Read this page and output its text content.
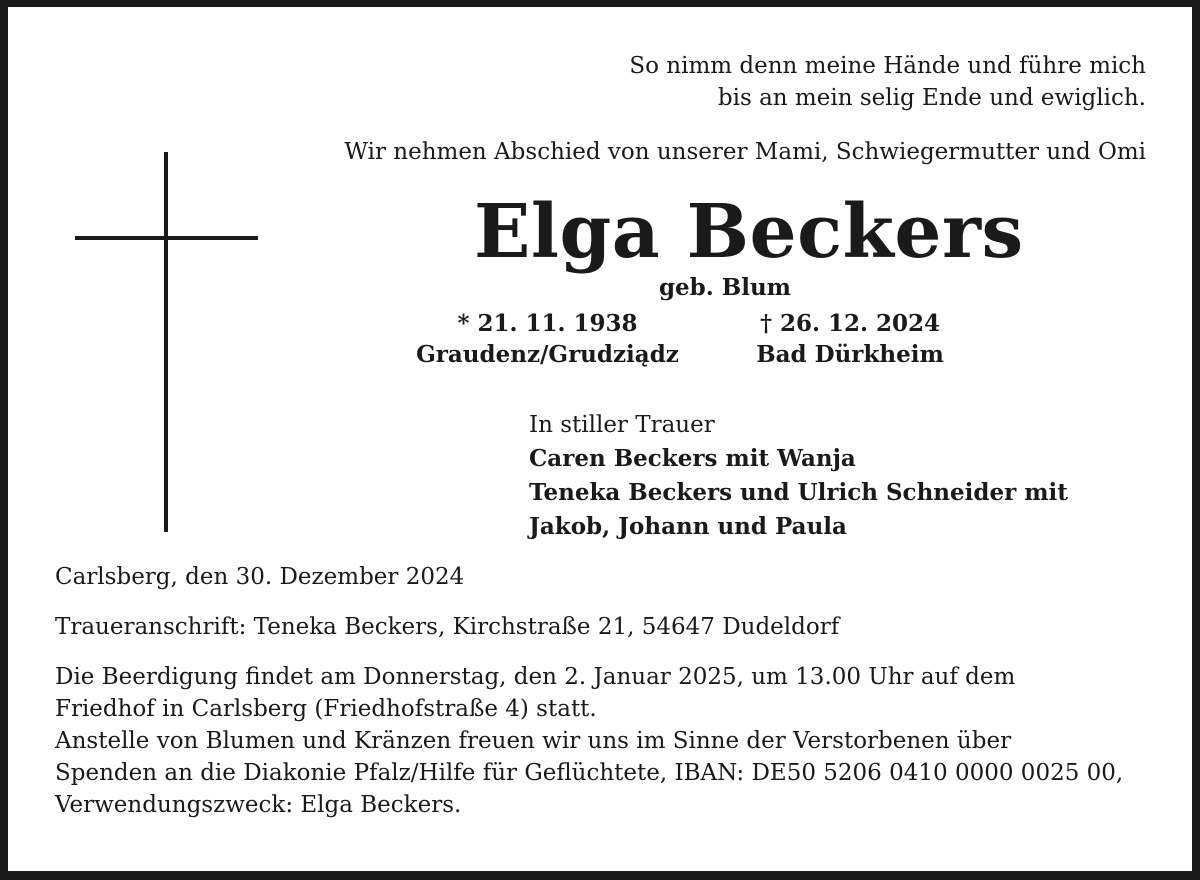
So nimm denn meine Hände und führe mich
bis an mein selig Ende und ewiglich.
Wir nehmen Abschied von unserer Mami, Schwiegermutter und Omi
Elga Beckers
geb. Blum
* 21. 11. 1938
Graudenz/Grudziądz
† 26. 12. 2024
Bad Dürkheim
In stiller Trauer
Caren Beckers mit Wanja
Teneka Beckers und Ulrich Schneider mit
Jakob, Johann und Paula

Carlsberg, den 30. Dezember 2024

Traueranschrift: Teneka Beckers, Kirchstraße 21, 54647 Dudeldorf

Die Beerdigung findet am Donnerstag, den 2. Januar 2025, um 13.00 Uhr auf dem
Friedhof in Carlsberg (Friedhofstraße 4) statt.
Anstelle von Blumen und Kränzen freuen wir uns im Sinne der Verstorbenen über
Spenden an die Diakonie Pfalz/Hilfe für Geflüchtete, IBAN: DE50 5206 0410 0000 0025 00,
Verwendungszweck: Elga Beckers.
